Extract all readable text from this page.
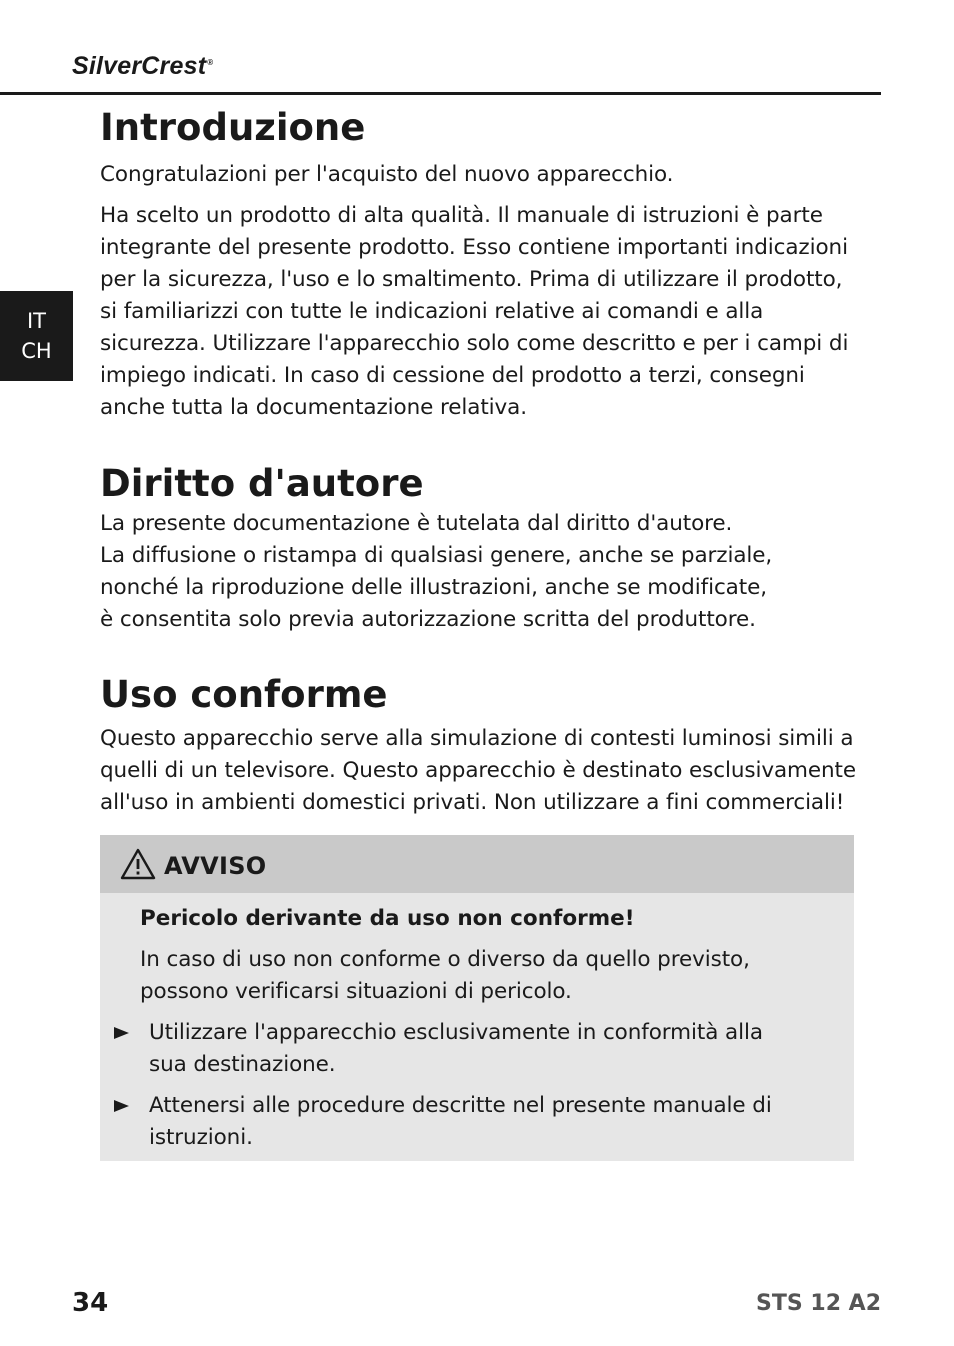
SilverCrest®
IT
CH
Introduzione

Congratulazioni per l'acquisto del nuovo apparecchio.

Ha scelto un prodotto di alta qualità. Il manuale di istruzioni è parte integrante del presente prodotto. Esso contiene importanti indicazioni per la sicurezza, l'uso e lo smaltimento. Prima di utilizzare il prodotto, si familiarizzi con tutte le indicazioni relative ai comandi e alla sicurezza. Utilizzare l'apparecchio solo come descritto e per i campi di impiego indicati. In caso di cessione del prodotto a terzi, consegni anche tutta la documentazione relativa.

Diritto d'autore

La presente documentazione è tutelata dal diritto d'autore.

La diffusione o ristampa di qualsiasi genere, anche se parziale,

nonché la riproduzione delle illustrazioni, anche se modificate,

è consentita solo previa autorizzazione scritta del produttore.

Uso conforme

Questo apparecchio serve alla simulazione di contesti luminosi simili a quelli di un televisore. Questo apparecchio è destinato esclusivamente all'uso in ambienti domestici privati. Non utilizzare a fini commerciali!

AVVISO
Pericolo derivante da uso non conforme!

In caso di uso non conforme o diverso da quello previsto, possono verificarsi situazioni di pericolo.

Utilizzare l'apparecchio esclusivamente in conformità alla sua destinazione.

Attenersi alle procedure descritte nel presente manuale di istruzioni.

34	STS 12 A2
